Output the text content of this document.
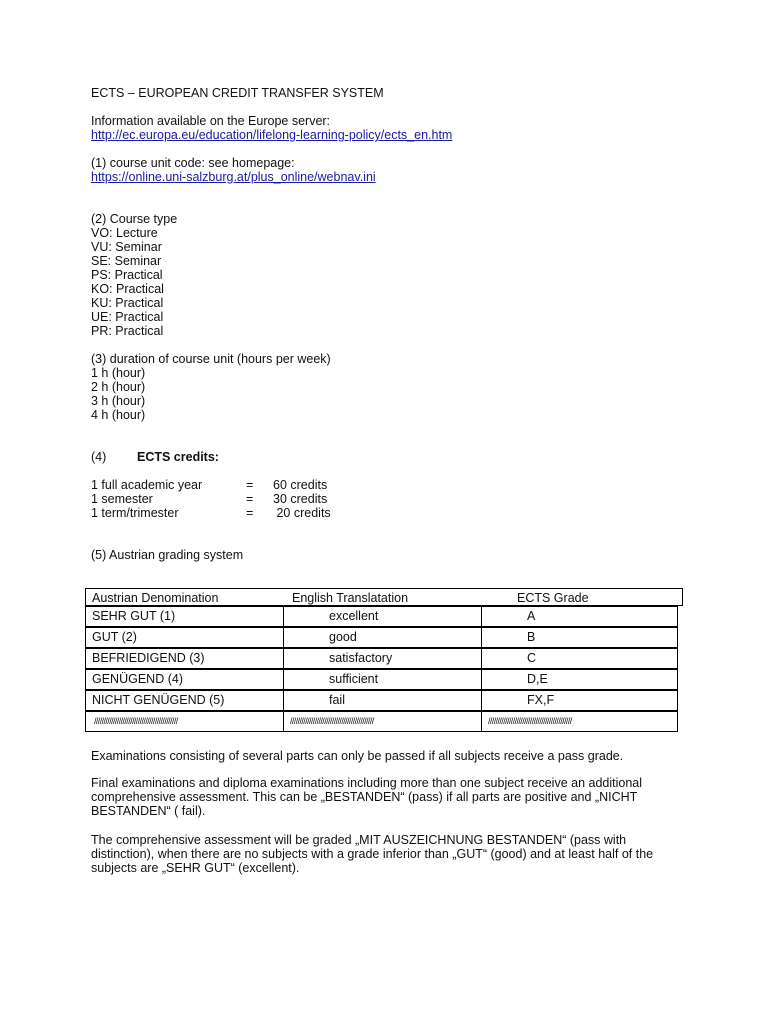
ECTS – EUROPEAN CREDIT TRANSFER SYSTEM
Information available on the Europe server:
http://ec.europa.eu/education/lifelong-learning-policy/ects_en.htm
(1) course unit code: see homepage:
https://online.uni-salzburg.at/plus_online/webnav.ini
(2) Course type
VO: Lecture
VU: Seminar
SE: Seminar
PS: Practical
KO: Practical
KU: Practical
UE: Practical
PR: Practical
(3) duration of course unit (hours per week)
1 h (hour)
2 h (hour)
3 h (hour)
4 h (hour)
(4) ECTS credits:
1 full academic year	= 60 credits
1 semester	= 30 credits
1 term/trimester	= 20 credits
(5) Austrian grading system
Austrian Denomination	English Translatation	ECTS Grade
SEHR GUT (1)	excellent	A
GUT (2)	good	B
BEFRIEDIGEND (3)	satisfactory	C
GENÜGEND (4)	sufficient	D,E
NICHT GENÜGEND (5)	fail	FX,F
////////////////////////////////////////////	////////////////////////////////////////////	////////////////////////////////////////////
Examinations consisting of several parts can only be passed if all subjects receive a pass grade.
Final examinations and diploma examinations including more than one subject receive an additional comprehensive assessment. This can be „BESTANDEN“ (pass) if all parts are positive and „NICHT BESTANDEN“ ( fail).
The comprehensive assessment will be graded „MIT AUSZEICHNUNG BESTANDEN“ (pass with distinction), when there are no subjects with a grade inferior than „GUT“ (good) and at least half of the subjects are „SEHR GUT“ (excellent).
